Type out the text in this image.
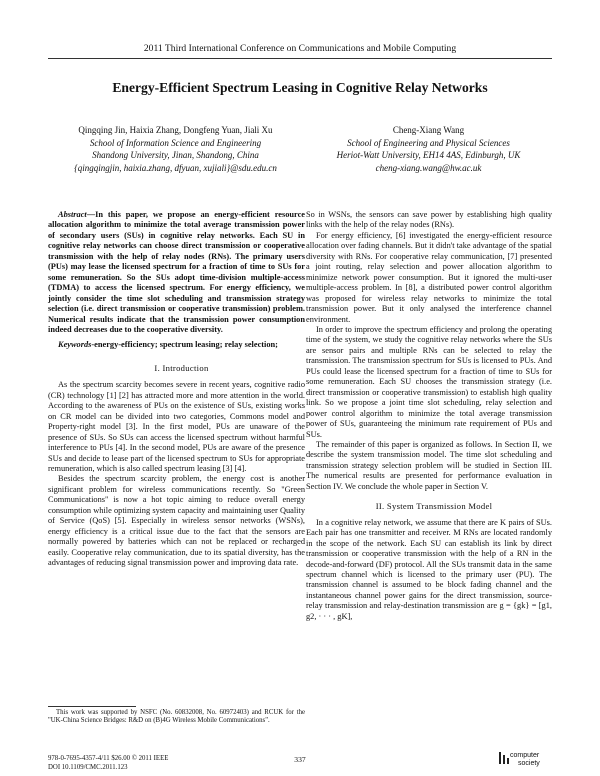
2011 Third International Conference on Communications and Mobile Computing
Energy-Efficient Spectrum Leasing in Cognitive Relay Networks
Qingqing Jin, Haixia Zhang, Dongfeng Yuan, Jiali Xu
School of Information Science and Engineering
Shandong University, Jinan, Shandong, China
{qingqingjin, haixia.zhang, dfyuan, xujiali}@sdu.edu.cn
Cheng-Xiang Wang
School of Engineering and Physical Sciences
Heriot-Watt University, EH14 4AS, Edinburgh, UK
cheng-xiang.wang@hw.ac.uk

Abstract—In this paper, we propose an energy-efficient resource allocation algorithm to minimize the total average transmission power of secondary users (SUs) in cognitive relay networks. Each SU in cognitive relay networks can choose direct transmission or cooperative transmission with the help of relay nodes (RNs). The primary users (PUs) may lease the licensed spectrum for a fraction of time to SUs for some remuneration. So the SUs adopt time-division multiple-access (TDMA) to access the licensed spectrum. For energy efficiency, we jointly consider the time slot scheduling and transmission strategy selection (i.e. direct transmission or cooperative transmission) problem. Numerical results indicate that the transmission power consumption indeed decreases due to the cooperative diversity.

Keywords-energy-efficiency; spectrum leasing; relay selection;

I. Introduction

As the spectrum scarcity becomes severe in recent years, cognitive radio (CR) technology [1] [2] has attracted more and more attention in the world. According to the awareness of PUs on the existence of SUs, existing works on CR model can be divided into two categories, Commons model and Property-right model [3]. In the first model, PUs are unaware of the presence of SUs. So SUs can access the licensed spectrum without harmful interference to PUs [4]. In the second model, PUs are aware of the presence SUs and decide to lease part of the licensed spectrum to SUs for appropriate remuneration, which is also called spectrum leasing [3] [4].

Besides the spectrum scarcity problem, the energy cost is another significant problem for wireless communications recently. So "Green Communications" is now a hot topic aiming to reduce overall energy consumption while optimizing system capacity and maintaining user Quality of Service (QoS) [5]. Especially in wireless sensor networks (WSNs), energy efficiency is a critical issue due to the fact that the sensors are normally powered by batteries which can not be replaced or recharged easily. Cooperative relay communication, due to its spatial diversity, has the advantages of reducing signal transmission power and improving data rate.

This work was supported by NSFC (No. 60832008, No. 60972403) and RCUK for the "UK-China Science Bridges: R&D on (B)4G Wireless Mobile Communications".

So in WSNs, the sensors can save power by establishing high quality links with the help of the relay nodes (RNs).

For energy efficiency, [6] investigated the energy-efficient resource allocation over fading channels. But it didn't take advantage of the spatial diversity with RNs. For cooperative relay communication, [7] presented a joint routing, relay selection and power allocation algorithm to minimize network power consumption. But it ignored the multi-user multiple-access problem. In [8], a distributed power control algorithm was proposed for wireless relay networks to minimize the total transmission power. But it only analysed the interference channel environment.

In order to improve the spectrum efficiency and prolong the operating time of the system, we study the cognitive relay networks where the SUs are sensor pairs and multiple RNs can be selected to relay the transmission. The transmission spectrum for SUs is licensed to PUs. And PUs could lease the licensed spectrum for a fraction of time to SUs for some remuneration. Each SU chooses the transmission strategy (i.e. direct transmission or cooperative transmission) to establish high quality link. So we propose a joint time slot scheduling, relay selection and power control algorithm to minimize the total average transmission power of SUs, guaranteeing the minimum rate requirement of PUs and SUs.

The remainder of this paper is organized as follows. In Section II, we describe the system transmission model. The time slot scheduling and transmission strategy selection problem will be studied in Section III. The numerical results are presented for performance evaluation in Section IV. We conclude the whole paper in Section V.

II. System Transmission Model

In a cognitive relay network, we assume that there are K pairs of SUs. Each pair has one transmitter and receiver. M RNs are located randomly in the scope of the network. Each SU can establish its link by direct transmission or cooperative transmission with the help of a RN in the decode-and-forward (DF) protocol. All the SUs transmit data in the same spectrum channel which is licensed to the primary user (PU). The transmission channel is assumed to be block fading channel and the instantaneous channel power gains for the direct transmission, source-relay transmission and relay-destination transmission are g = {gk} = [g1, g2, · · · , gK],

978-0-7695-4357-4/11 $26.00 © 2011 IEEE
DOI 10.1109/CMC.2011.123
337	computer
society
